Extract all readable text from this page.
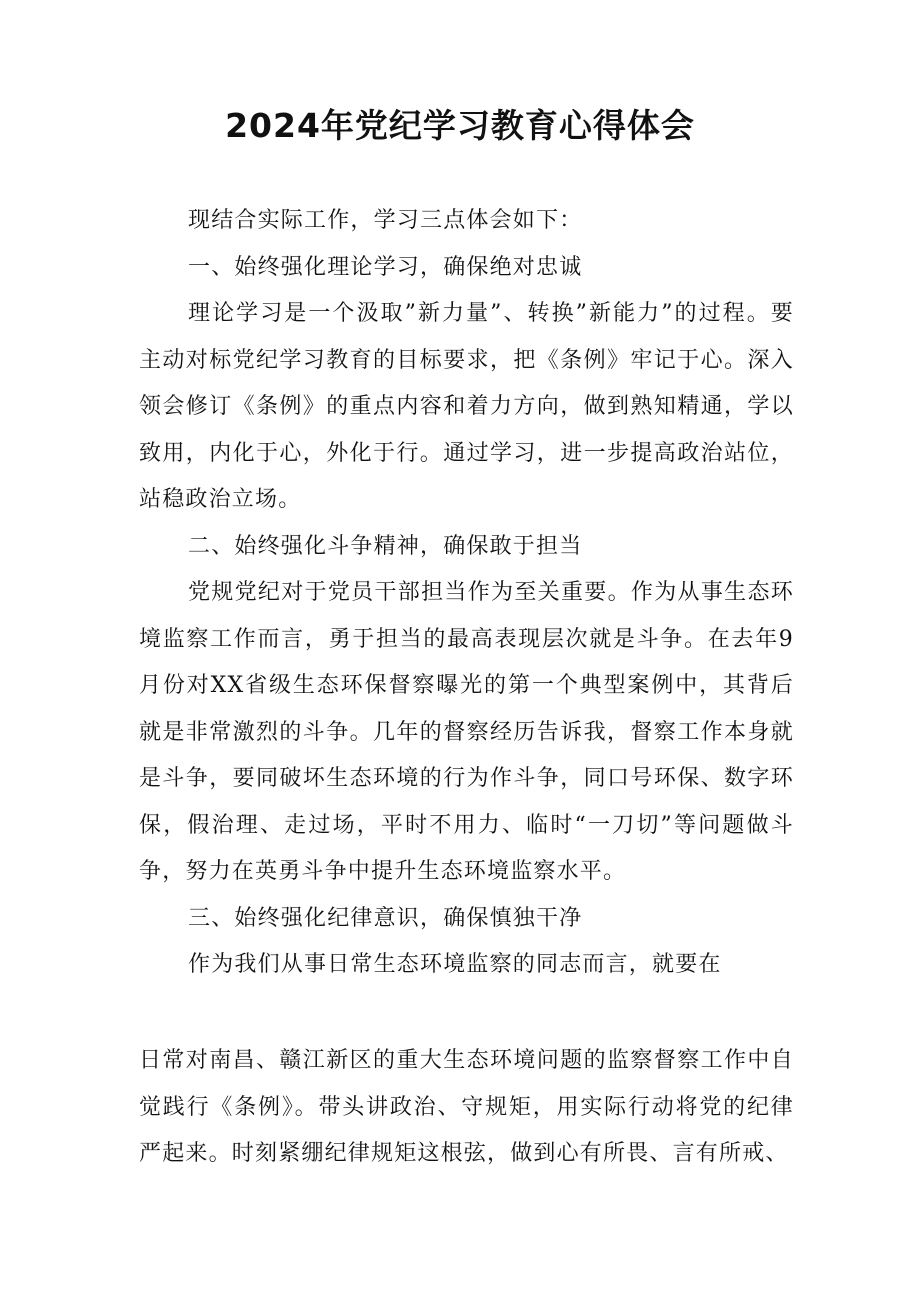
2024年党纪学习教育心得体会

现结合实际工作，学习三点体会如下：

一、始终强化理论学习，确保绝对忠诚

理论学习是一个汲取”新力量”、转换”新能力”的过程。要主动对标党纪学习教育的目标要求，把《条例》牢记于心。深入领会修订《条例》的重点内容和着力方向，做到熟知精通，学以致用，内化于心，外化于行。通过学习，进一步提高政治站位，站稳政治立场。

二、始终强化斗争精神，确保敢于担当

党规党纪对于党员干部担当作为至关重要。作为从事生态环境监察工作而言，勇于担当的最高表现层次就是斗争。在去年9月份对XX省级生态环保督察曝光的第一个典型案例中，其背后就是非常激烈的斗争。几年的督察经历告诉我，督察工作本身就是斗争，要同破坏生态环境的行为作斗争，同口号环保、数字环保，假治理、走过场，平时不用力、临时“一刀切”等问题做斗争，努力在英勇斗争中提升生态环境监察水平。

三、始终强化纪律意识，确保慎独干净

作为我们从事日常生态环境监察的同志而言，就要在

日常对南昌、赣江新区的重大生态环境问题的监察督察工作中自觉践行《条例》。带头讲政治、守规矩，用实际行动将党的纪律严起来。时刻紧绷纪律规矩这根弦，做到心有所畏、言有所戒、
